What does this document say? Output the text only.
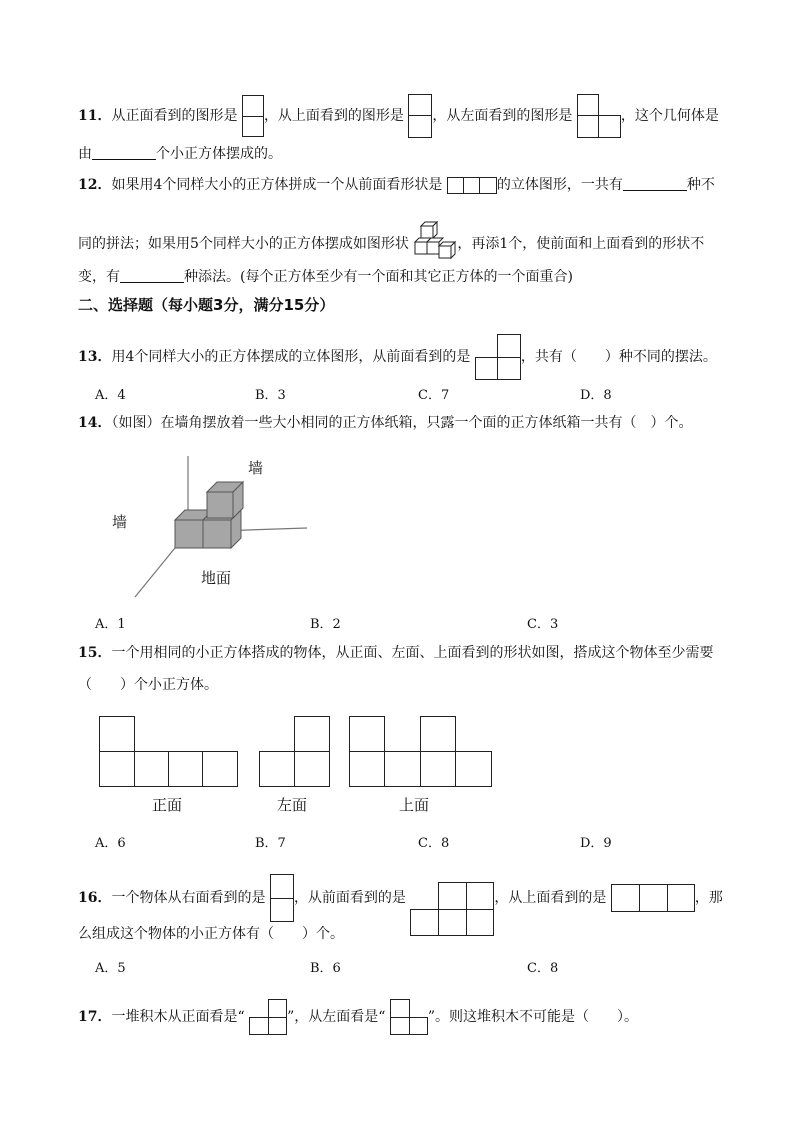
11．从正面看到的图形是 ，从上面看到的图形是 ，从左面看到的图形是	，这个几何体是
由	个小正方体摆成的。
12．如果用4个同样大小的正方体拼成一个从前面看形状是	的立体图形，一共有	种不
同的拼法；如果用5个同样大小的正方体摆成如图形状	，再添1个，使前面和上面看到的形状不
变，有	种添法。(每个正方体至少有一个面和其它正方体的一个面重合)
二、选择题（每小题3分，满分15分）
13．用4个同样大小的正方体摆成的立体图形，从前面看到的是	，共有（　　）种不同的摆法。
A．4	B．3	C．7	D．8
14．（如图）在墙角摆放着一些大小相同的正方体纸箱，只露一个面的正方体纸箱一共有（　）个。
墙
墙
地面
A．1	B．2	C．3
15．一个用相同的小正方体搭成的物体，从正面、左面、上面看到的形状如图，搭成这个物体至少需要
（　　）个小正方体。
正面	左面	上面
A．6	B．7	C．8	D．9
16．一个物体从右面看到的是 ，从前面看到的是	，从上面看到的是	，那
么组成这个物体的小正方体有（　　）个。
A．5	B．6	C．8
17．一堆积木从正面看是“	”，从左面看是“	”。则这堆积木不可能是（　　）。
